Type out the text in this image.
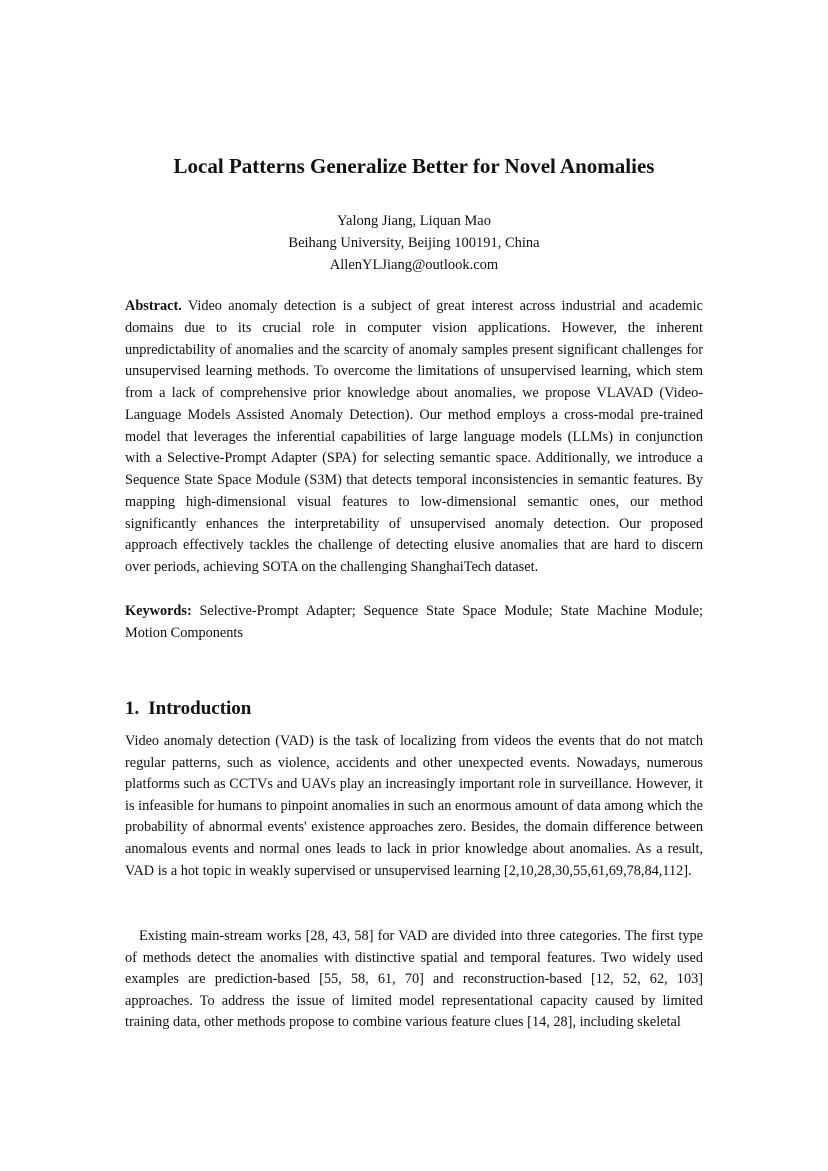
Local Patterns Generalize Better for Novel Anomalies
Yalong Jiang, Liquan Mao
Beihang University, Beijing 100191, China
AllenYLJiang@outlook.com

Abstract. Video anomaly detection is a subject of great interest across industrial and academic domains due to its crucial role in computer vision applications. However, the inherent unpredictability of anomalies and the scarcity of anomaly samples present significant challenges for unsupervised learning methods. To overcome the limitations of unsupervised learning, which stem from a lack of comprehensive prior knowledge about anomalies, we propose VLAVAD (Video-Language Models Assisted Anomaly Detection). Our method employs a cross-modal pre-trained model that leverages the inferential capabilities of large language models (LLMs) in conjunction with a Selective-Prompt Adapter (SPA) for selecting semantic space. Additionally, we introduce a Sequence State Space Module (S3M) that detects temporal inconsistencies in semantic features. By mapping high-dimensional visual features to low-dimensional semantic ones, our method significantly enhances the interpretability of unsupervised anomaly detection. Our proposed approach effectively tackles the challenge of detecting elusive anomalies that are hard to discern over periods, achieving SOTA on the challenging ShanghaiTech dataset.

Keywords: Selective-Prompt Adapter; Sequence State Space Module; State Machine Module; Motion Components

1. Introduction

Video anomaly detection (VAD) is the task of localizing from videos the events that do not match regular patterns, such as violence, accidents and other unexpected events. Nowadays, numerous platforms such as CCTVs and UAVs play an increasingly important role in surveillance. However, it is infeasible for humans to pinpoint anomalies in such an enormous amount of data among which the probability of abnormal events' existence approaches zero. Besides, the domain difference between anomalous events and normal ones leads to lack in prior knowledge about anomalies. As a result, VAD is a hot topic in weakly supervised or unsupervised learning [2,10,28,30,55,61,69,78,84,112].

Existing main-stream works [28, 43, 58] for VAD are divided into three categories. The first type of methods detect the anomalies with distinctive spatial and temporal features. Two widely used examples are prediction-based [55, 58, 61, 70] and reconstruction-based [12, 52, 62, 103] approaches. To address the issue of limited model representational capacity caused by limited training data, other methods propose to combine various feature clues [14, 28], including skeletal
